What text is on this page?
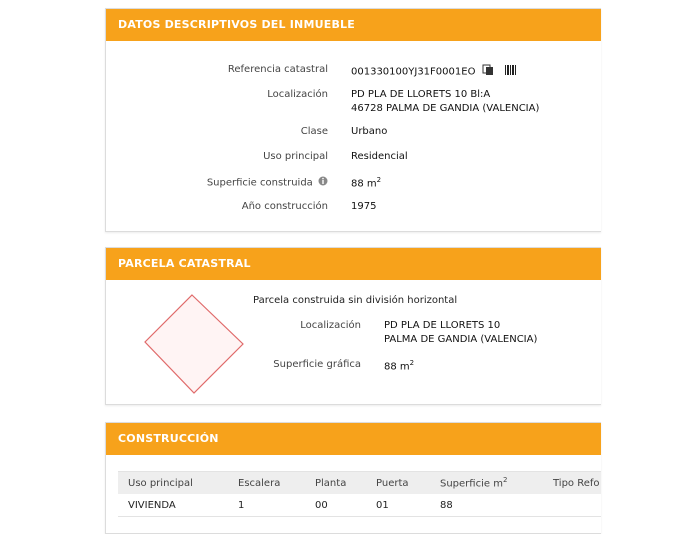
DATOS DESCRIPTIVOS DEL INMUEBLE
Referencia catastral 001330100YJ31F0001EO
Localización PD PLA DE LLORETS 10 Bl:A
46728 PALMA DE GANDIA (VALENCIA)
Clase Urbano
Uso principal Residencial
Superficie construida	88 $m^2$
Año construcción 1975
PARCELA CATASTRAL
Parcela construida sin división horizontal
Localización PD PLA DE LLORETS 10
PALMA DE GANDIA (VALENCIA)
Superficie gráfica 88 $m^2$
CONSTRUCCIÓN
Uso principal	Escalera	Planta	Puerta	Superficie $m^2$	Tipo Refo
VIVIENDA	1	00	01	88	
